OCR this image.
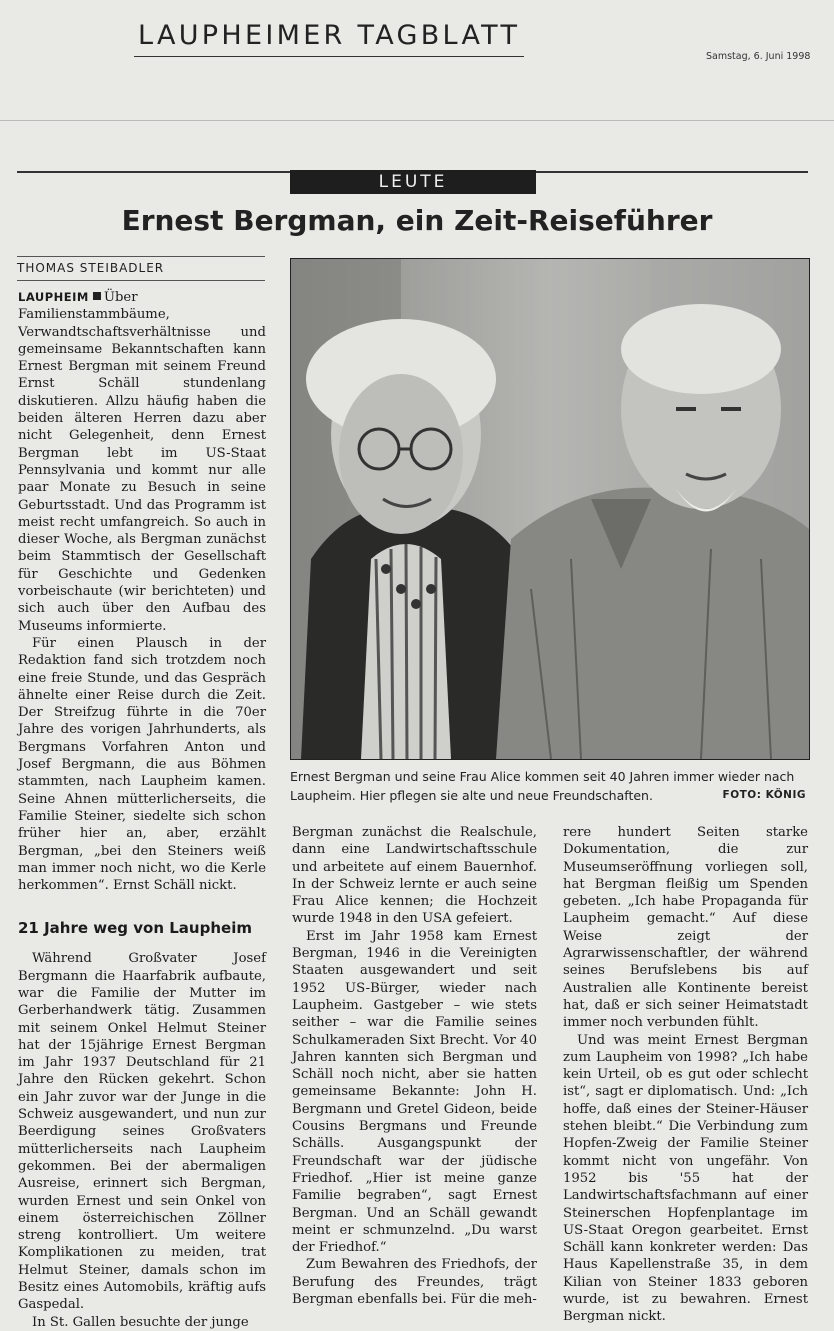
LAUPHEIMER TAGBLATT
Samstag, 6. Juni 1998
LEUTE
Ernest Bergman, ein Zeit-Reiseführer
THOMAS STEIBADLER

LAUPHEIM Über Familienstammbäume, Verwandtschaftsverhältnisse und gemeinsame Bekanntschaften kann Ernest Bergman mit seinem Freund Ernst Schäll stundenlang diskutieren. Allzu häufig haben die beiden älteren Herren dazu aber nicht Gelegenheit, denn Ernest Bergman lebt im US-Staat Pennsylvania und kommt nur alle paar Monate zu Besuch in seine Geburtsstadt. Und das Programm ist meist recht umfangreich. So auch in dieser Woche, als Bergman zunächst beim Stammtisch der Gesellschaft für Geschichte und Gedenken vorbeischaute (wir berichteten) und sich auch über den Aufbau des Museums informierte.

Für einen Plausch in der Redaktion fand sich trotzdem noch eine freie Stunde, und das Gespräch ähnelte einer Reise durch die Zeit. Der Streifzug führte in die 70er Jahre des vorigen Jahrhunderts, als Bergmans Vorfahren Anton und Josef Bergmann, die aus Böhmen stammten, nach Laupheim kamen. Seine Ahnen mütterlicherseits, die Familie Steiner, siedelte sich schon früher hier an, aber, erzählt Bergman, „bei den Steiners weiß man immer noch nicht, wo die Kerle herkommen“. Ernst Schäll nickt.

21 Jahre weg von Laupheim

Während Großvater Josef Bergmann die Haarfabrik aufbaute, war die Familie der Mutter im Gerberhandwerk tätig. Zusammen mit seinem Onkel Helmut Steiner hat der 15jährige Ernest Bergman im Jahr 1937 Deutschland für 21 Jahre den Rücken gekehrt. Schon ein Jahr zuvor war der Junge in die Schweiz ausgewandert, und nun zur Beerdigung seines Großvaters mütterlicherseits nach Laupheim gekommen. Bei der abermaligen Ausreise, erinnert sich Bergman, wurden Ernest und sein Onkel von einem österreichischen Zöllner streng kontrolliert. Um weitere Komplikationen zu meiden, trat Helmut Steiner, damals schon im Besitz eines Automobils, kräftig aufs Gaspedal.

In St. Gallen besuchte der junge

Ernest Bergman und seine Frau Alice kommen seit 40 Jahren immer wieder nach Laupheim. Hier pflegen sie alte und neue Freundschaften.	FOTO: KÖNIG

Bergman zunächst die Realschule, dann eine Landwirtschaftsschule und arbeitete auf einem Bauernhof. In der Schweiz lernte er auch seine Frau Alice kennen; die Hochzeit wurde 1948 in den USA gefeiert.

Erst im Jahr 1958 kam Ernest Bergman, 1946 in die Vereinigten Staaten ausgewandert und seit 1952 US-Bürger, wieder nach Laupheim. Gastgeber – wie stets seither – war die Familie seines Schulkameraden Sixt Brecht. Vor 40 Jahren kannten sich Bergman und Schäll noch nicht, aber sie hatten gemeinsame Bekannte: John H. Bergmann und Gretel Gideon, beide Cousins Bergmans und Freunde Schälls. Ausgangspunkt der Freundschaft war der jüdische Friedhof. „Hier ist meine ganze Familie begraben“, sagt Ernest Bergman. Und an Schäll gewandt meint er schmunzelnd. „Du warst der Friedhof.“

Zum Bewahren des Friedhofs, der Berufung des Freundes, trägt Bergman ebenfalls bei. Für die meh-

rere hundert Seiten starke Dokumentation, die zur Museumseröffnung vorliegen soll, hat Bergman fleißig um Spenden gebeten. „Ich habe Propaganda für Laupheim gemacht.“ Auf diese Weise zeigt der Agrarwissenschaftler, der während seines Berufslebens bis auf Australien alle Kontinente bereist hat, daß er sich seiner Heimatstadt immer noch verbunden fühlt.

Und was meint Ernest Bergman zum Laupheim von 1998? „Ich habe kein Urteil, ob es gut oder schlecht ist“, sagt er diplomatisch. Und: „Ich hoffe, daß eines der Steiner-Häuser stehen bleibt.“ Die Verbindung zum Hopfen-Zweig der Familie Steiner kommt nicht von ungefähr. Von 1952 bis '55 hat der Landwirtschaftsfachmann auf einer Steinerschen Hopfenplantage im US-Staat Oregon gearbeitet. Ernst Schäll kann konkreter werden: Das Haus Kapellenstraße 35, in dem Kilian von Steiner 1833 geboren wurde, ist zu bewahren. Ernest Bergman nickt.
